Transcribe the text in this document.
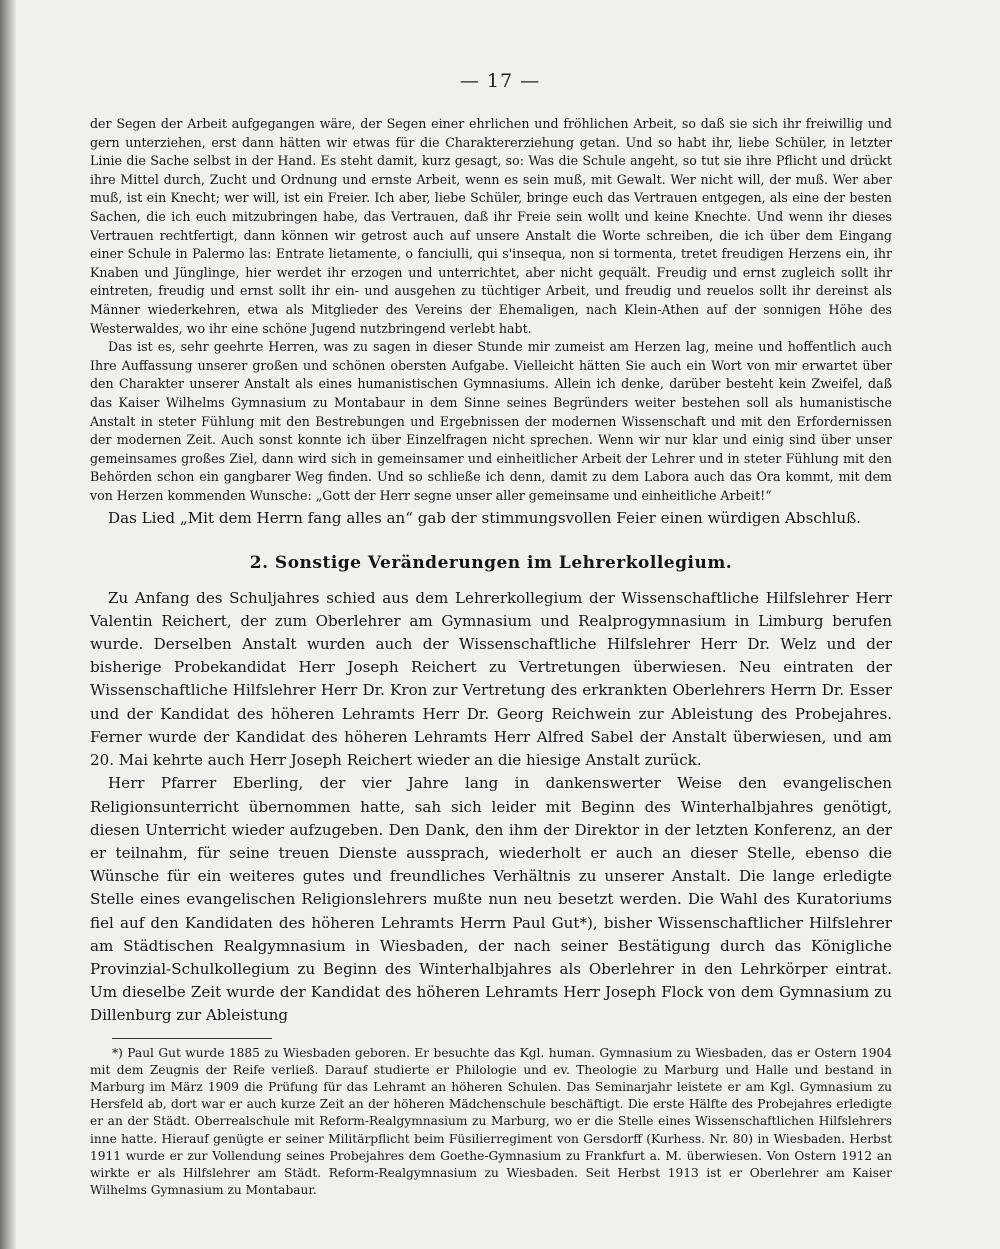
— 17 —

der Segen der Arbeit aufgegangen wäre, der Segen einer ehrlichen und fröhlichen Arbeit, so daß sie sich ihr freiwillig und gern unterziehen, erst dann hätten wir etwas für die Charaktererziehung getan. Und so habt ihr, liebe Schüler, in letzter Linie die Sache selbst in der Hand. Es steht damit, kurz gesagt, so: Was die Schule angeht, so tut sie ihre Pflicht und drückt ihre Mittel durch, Zucht und Ordnung und ernste Arbeit, wenn es sein muß, mit Gewalt. Wer nicht will, der muß. Wer aber muß, ist ein Knecht; wer will, ist ein Freier. Ich aber, liebe Schüler, bringe euch das Vertrauen entgegen, als eine der besten Sachen, die ich euch mitzubringen habe, das Vertrauen, daß ihr Freie sein wollt und keine Knechte. Und wenn ihr dieses Vertrauen rechtfertigt, dann können wir getrost auch auf unsere Anstalt die Worte schreiben, die ich über dem Eingang einer Schule in Palermo las: Entrate lietamente, o fanciulli, qui s'insequa, non si tormenta, tretet freudigen Herzens ein, ihr Knaben und Jünglinge, hier werdet ihr erzogen und unterrichtet, aber nicht gequält. Freudig und ernst zugleich sollt ihr eintreten, freudig und ernst sollt ihr ein- und ausgehen zu tüchtiger Arbeit, und freudig und reuelos sollt ihr dereinst als Männer wiederkehren, etwa als Mitglieder des Vereins der Ehemaligen, nach Klein-Athen auf der sonnigen Höhe des Westerwaldes, wo ihr eine schöne Jugend nutzbringend verlebt habt.

Das ist es, sehr geehrte Herren, was zu sagen in dieser Stunde mir zumeist am Herzen lag, meine und hoffentlich auch Ihre Auffassung unserer großen und schönen obersten Aufgabe. Vielleicht hätten Sie auch ein Wort von mir erwartet über den Charakter unserer Anstalt als eines humanistischen Gymnasiums. Allein ich denke, darüber besteht kein Zweifel, daß das Kaiser Wilhelms Gymnasium zu Montabaur in dem Sinne seines Begründers weiter bestehen soll als humanistische Anstalt in steter Fühlung mit den Bestrebungen und Ergebnissen der modernen Wissenschaft und mit den Erfordernissen der modernen Zeit. Auch sonst konnte ich über Einzelfragen nicht sprechen. Wenn wir nur klar und einig sind über unser gemeinsames großes Ziel, dann wird sich in gemeinsamer und einheitlicher Arbeit der Lehrer und in steter Fühlung mit den Behörden schon ein gangbarer Weg finden. Und so schließe ich denn, damit zu dem Labora auch das Ora kommt, mit dem von Herzen kommenden Wunsche: „Gott der Herr segne unser aller gemeinsame und einheitliche Arbeit!“

Das Lied „Mit dem Herrn fang alles an“ gab der stimmungsvollen Feier einen würdigen Abschluß.

2. Sonstige Veränderungen im Lehrerkollegium.

Zu Anfang des Schuljahres schied aus dem Lehrerkollegium der Wissenschaftliche Hilfslehrer Herr Valentin Reichert, der zum Oberlehrer am Gymnasium und Realprogymnasium in Limburg berufen wurde. Derselben Anstalt wurden auch der Wissenschaftliche Hilfslehrer Herr Dr. Welz und der bisherige Probekandidat Herr Joseph Reichert zu Vertretungen überwiesen. Neu eintraten der Wissenschaftliche Hilfslehrer Herr Dr. Kron zur Vertretung des erkrankten Oberlehrers Herrn Dr. Esser und der Kandidat des höheren Lehramts Herr Dr. Georg Reichwein zur Ableistung des Probejahres. Ferner wurde der Kandidat des höheren Lehramts Herr Alfred Sabel der Anstalt überwiesen, und am 20. Mai kehrte auch Herr Joseph Reichert wieder an die hiesige Anstalt zurück.

Herr Pfarrer Eberling, der vier Jahre lang in dankenswerter Weise den evangelischen Religionsunterricht übernommen hatte, sah sich leider mit Beginn des Winterhalbjahres genötigt, diesen Unterricht wieder aufzugeben. Den Dank, den ihm der Direktor in der letzten Konferenz, an der er teilnahm, für seine treuen Dienste aussprach, wiederholt er auch an dieser Stelle, ebenso die Wünsche für ein weiteres gutes und freundliches Verhältnis zu unserer Anstalt. Die lange erledigte Stelle eines evangelischen Religionslehrers mußte nun neu besetzt werden. Die Wahl des Kuratoriums fiel auf den Kandidaten des höheren Lehramts Herrn Paul Gut*), bisher Wissenschaftlicher Hilfslehrer am Städtischen Realgymnasium in Wiesbaden, der nach seiner Bestätigung durch das Königliche Provinzial-Schulkollegium zu Beginn des Winterhalbjahres als Oberlehrer in den Lehrkörper eintrat. Um dieselbe Zeit wurde der Kandidat des höheren Lehramts Herr Joseph Flock von dem Gymnasium zu Dillenburg zur Ableistung

*) Paul Gut wurde 1885 zu Wiesbaden geboren. Er besuchte das Kgl. human. Gymnasium zu Wiesbaden, das er Ostern 1904 mit dem Zeugnis der Reife verließ. Darauf studierte er Philologie und ev. Theologie zu Marburg und Halle und bestand in Marburg im März 1909 die Prüfung für das Lehramt an höheren Schulen. Das Seminarjahr leistete er am Kgl. Gymnasium zu Hersfeld ab, dort war er auch kurze Zeit an der höheren Mädchenschule beschäftigt. Die erste Hälfte des Probejahres erledigte er an der Städt. Oberrealschule mit Reform-Realgymnasium zu Marburg, wo er die Stelle eines Wissenschaftlichen Hilfslehrers inne hatte. Hierauf genügte er seiner Militärpflicht beim Füsilierregiment von Gersdorff (Kurhess. Nr. 80) in Wiesbaden. Herbst 1911 wurde er zur Vollendung seines Probejahres dem Goethe-Gymnasium zu Frankfurt a. M. überwiesen. Von Ostern 1912 an wirkte er als Hilfslehrer am Städt. Reform-Realgymnasium zu Wiesbaden. Seit Herbst 1913 ist er Oberlehrer am Kaiser Wilhelms Gymnasium zu Montabaur.
